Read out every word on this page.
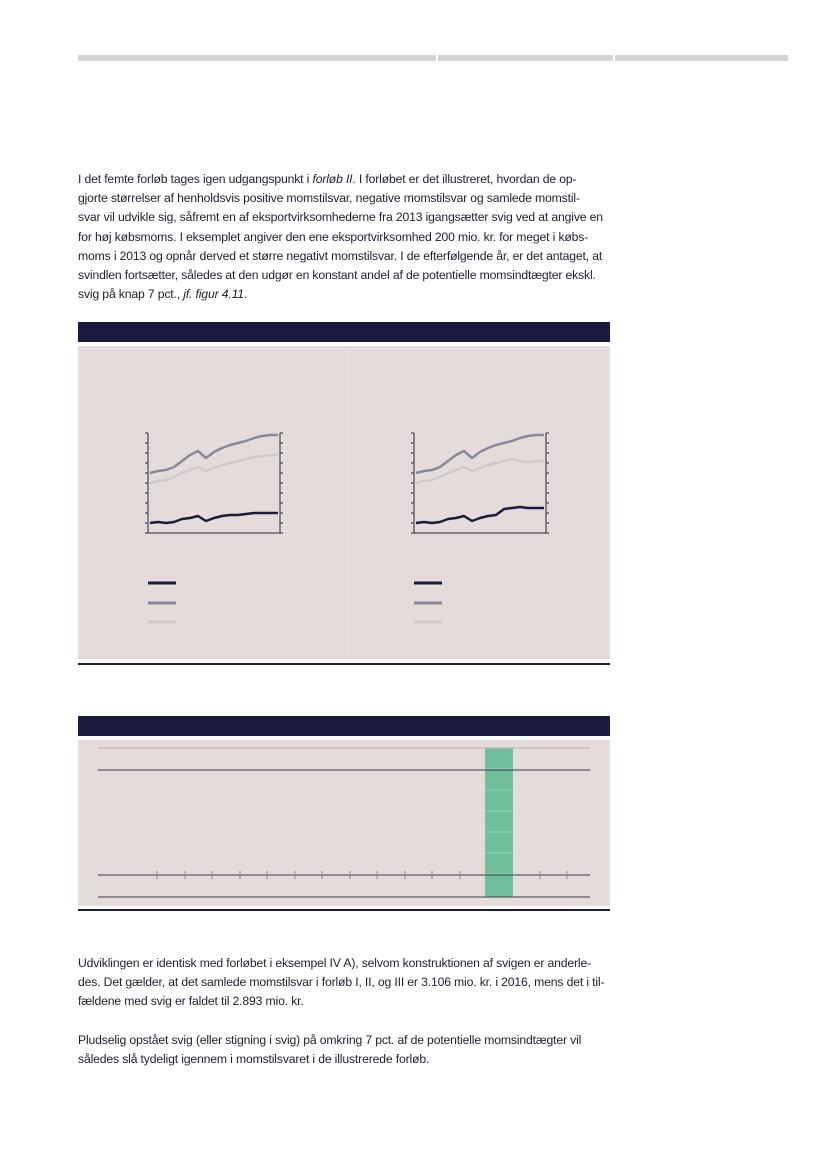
I det femte forløb tages igen udgangspunkt i forløb II. I forløbet er det illustreret, hvordan de op-
gjorte størrelser af henholdsvis positive momstilsvar, negative momstilsvar og samlede momstil-
svar vil udvikle sig, såfremt en af eksportvirksomhederne fra 2013 igangsætter svig ved at angive en
for høj købsmoms. I eksemplet angiver den ene eksportvirksomhed 200 mio. kr. for meget i købs-
moms i 2013 og opnår derved et større negativt momstilsvar. I de efterfølgende år, er det antaget, at
svindlen fortsætter, således at den udgør en konstant andel af de potentielle momsindtægter ekskl.
svig på knap 7 pct., jf. figur 4.11.
Udviklingen er identisk med forløbet i eksempel IV A), selvom konstruktionen af svigen er anderle-
des. Det gælder, at det samlede momstilsvar i forløb I, II, og III er 3.106 mio. kr. i 2016, mens det i til-
fældene med svig er faldet til 2.893 mio. kr.
Pludselig opstået svig (eller stigning i svig) på omkring 7 pct. af de potentielle momsindtægter vil
således slå tydeligt igennem i momstilsvaret i de illustrerede forløb.
